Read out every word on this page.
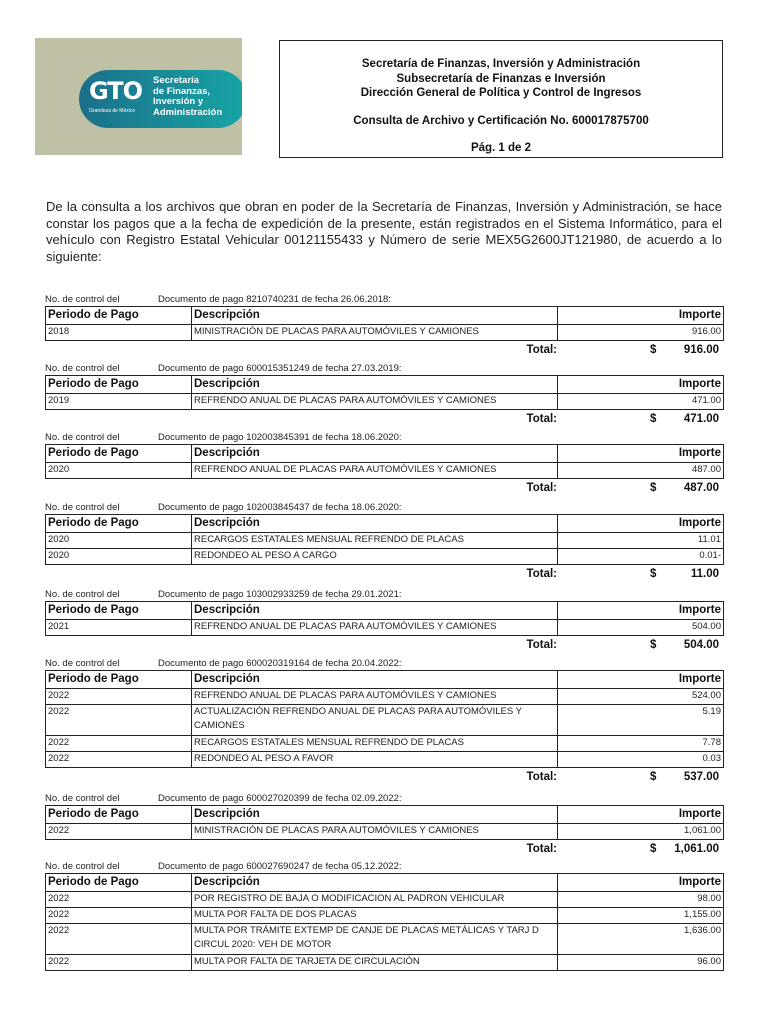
GTO
Grandeza de México
Secretaría
de Finanzas,
Inversión y
Administración
Secretaría de Finanzas, Inversión y Administración
Subsecretaría de Finanzas e Inversión
Dirección General de Política y Control de Ingresos
Consulta de Archivo y Certificación No. 600017875700
Pág. 1 de 2
De la consulta a los archivos que obran en poder de la Secretaría de Finanzas, Inversión y Administración, se hace constar los pagos que a la fecha de expedición de la presente, están registrados en el Sistema Informático, para el vehículo con Registro Estatal Vehicular 00121155433 y Número de serie MEX5G2600JT121980, de acuerdo a lo siguiente:
No. de control del	Documento de pago 8210740231 de fecha 26.06.2018:
Periodo de Pago	Descripción	Importe
2018	MINISTRACIÓN DE PLACAS PARA AUTOMÓVILES Y CAMIONES	916.00
Total:	$ 916.00
No. de control del	Documento de pago 600015351249 de fecha 27.03.2019:
Periodo de Pago	Descripción	Importe
2019	REFRENDO ANUAL DE PLACAS PARA AUTOMÓVILES Y CAMIONES	471.00
Total:	$ 471.00
No. de control del	Documento de pago 102003845391 de fecha 18.06.2020:
Periodo de Pago	Descripción	Importe
2020	REFRENDO ANUAL DE PLACAS PARA AUTOMÓVILES Y CAMIONES	487.00
Total:	$ 487.00
No. de control del	Documento de pago 102003845437 de fecha 18.06.2020:
Periodo de Pago	Descripción	Importe
2020	RECARGOS ESTATALES MENSUAL REFRENDO DE PLACAS	11.01
2020	REDONDEO AL PESO A CARGO	0.01-
Total:	$	11.00
No. de control del	Documento de pago 103002933259 de fecha 29.01.2021:
Periodo de Pago	Descripción	Importe
2021	REFRENDO ANUAL DE PLACAS PARA AUTOMÓVILES Y CAMIONES	504.00
Total:	$ 504.00
No. de control del	Documento de pago 600020319164 de fecha 20.04.2022:
Periodo de Pago	Descripción	Importe
2022	REFRENDO ANUAL DE PLACAS PARA AUTOMÓVILES Y CAMIONES	524.00
2022	ACTUALIZACIÓN REFRENDO ANUAL DE PLACAS PARA AUTOMÓVILES Y CAMIONES	5.19
2022	RECARGOS ESTATALES MENSUAL REFRENDO DE PLACAS	7.78
2022	REDONDEO AL PESO A FAVOR	0.03
Total:	$ 537.00
No. de control del	Documento de pago 600027020399 de fecha 02.09.2022:
Periodo de Pago	Descripción	Importe
2022	MINISTRACIÓN DE PLACAS PARA AUTOMÓVILES Y CAMIONES	1,061.00
Total:	$ 1,061.00
No. de control del	Documento de pago 600027690247 de fecha 05.12.2022:
Periodo de Pago	Descripción	Importe
2022	POR REGISTRO DE BAJA O MODIFICACION AL PADRON VEHICULAR	98.00
2022	MULTA POR FALTA DE DOS PLACAS	1,155.00
2022	MULTA POR TRÁMITE EXTEMP DE CANJE DE PLACAS METÁLICAS Y TARJ D CIRCUL 2020: VEH DE MOTOR	1,636.00
2022	MULTA POR FALTA DE TARJETA DE CIRCULACIÓN	96.00
